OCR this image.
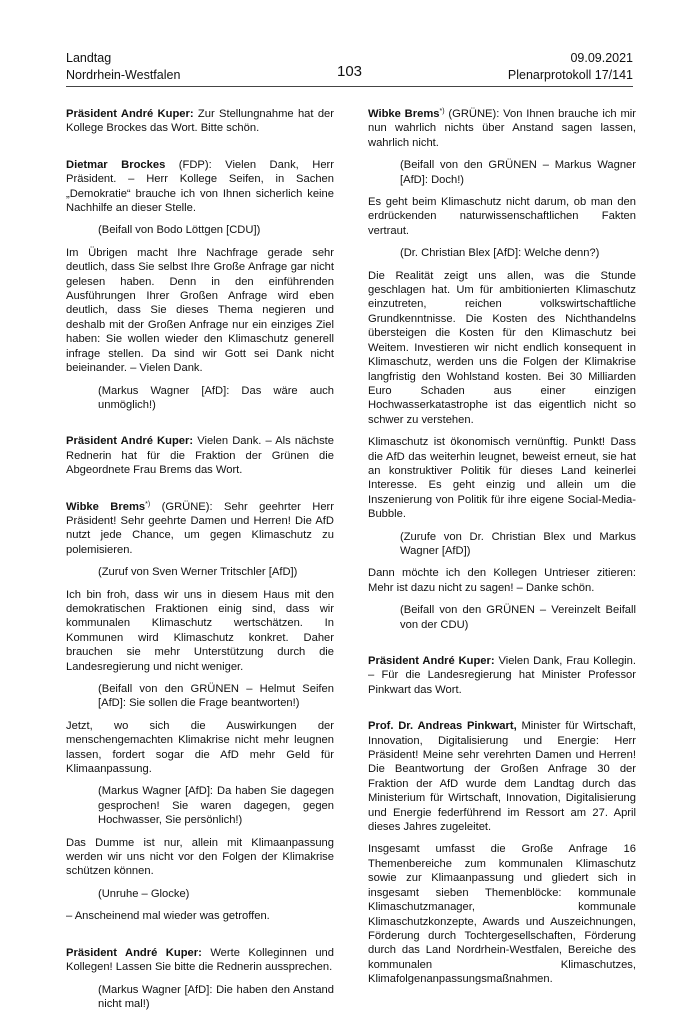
Landtag
Nordrhein-Westfalen	103
09.09.2021
Plenarprotokoll 17/141

Präsident André Kuper: Zur Stellungnahme hat der Kollege Brockes das Wort. Bitte schön.

Dietmar Brockes (FDP): Vielen Dank, Herr Präsident. – Herr Kollege Seifen, in Sachen „Demokratie“ brauche ich von Ihnen sicherlich keine Nachhilfe an dieser Stelle.

(Beifall von Bodo Löttgen [CDU])

Im Übrigen macht Ihre Nachfrage gerade sehr deutlich, dass Sie selbst Ihre Große Anfrage gar nicht gelesen haben. Denn in den einführenden Ausführungen Ihrer Großen Anfrage wird eben deutlich, dass Sie dieses Thema negieren und deshalb mit der Großen Anfrage nur ein einziges Ziel haben: Sie wollen wieder den Klimaschutz generell infrage stellen. Da sind wir Gott sei Dank nicht beieinander. – Vielen Dank.

(Markus Wagner [AfD]: Das wäre auch unmöglich!)

Präsident André Kuper: Vielen Dank. – Als nächste Rednerin hat für die Fraktion der Grünen die Abgeordnete Frau Brems das Wort.

Wibke Brems*) (GRÜNE): Sehr geehrter Herr Präsident! Sehr geehrte Damen und Herren! Die AfD nutzt jede Chance, um gegen Klimaschutz zu polemisieren.

(Zuruf von Sven Werner Tritschler [AfD])

Ich bin froh, dass wir uns in diesem Haus mit den demokratischen Fraktionen einig sind, dass wir kommunalen Klimaschutz wertschätzen. In Kommunen wird Klimaschutz konkret. Daher brauchen sie mehr Unterstützung durch die Landesregierung und nicht weniger.

(Beifall von den GRÜNEN – Helmut Seifen [AfD]: Sie sollen die Frage beantworten!)

Jetzt, wo sich die Auswirkungen der menschengemachten Klimakrise nicht mehr leugnen lassen, fordert sogar die AfD mehr Geld für Klimaanpassung.

(Markus Wagner [AfD]: Da haben Sie dagegen gesprochen! Sie waren dagegen, gegen Hochwasser, Sie persönlich!)

Das Dumme ist nur, allein mit Klimaanpassung werden wir uns nicht vor den Folgen der Klimakrise schützen können.

(Unruhe – Glocke)

– Anscheinend mal wieder was getroffen.

Präsident André Kuper: Werte Kolleginnen und Kollegen! Lassen Sie bitte die Rednerin aussprechen.

(Markus Wagner [AfD]: Die haben den Anstand nicht mal!)

Wibke Brems*) (GRÜNE): Von Ihnen brauche ich mir nun wahrlich nichts über Anstand sagen lassen, wahrlich nicht.

(Beifall von den GRÜNEN – Markus Wagner [AfD]: Doch!)

Es geht beim Klimaschutz nicht darum, ob man den erdrückenden naturwissenschaftlichen Fakten vertraut.

(Dr. Christian Blex [AfD]: Welche denn?)

Die Realität zeigt uns allen, was die Stunde geschlagen hat. Um für ambitionierten Klimaschutz einzutreten, reichen volkswirtschaftliche Grundkenntnisse. Die Kosten des Nichthandelns übersteigen die Kosten für den Klimaschutz bei Weitem. Investieren wir nicht endlich konsequent in Klimaschutz, werden uns die Folgen der Klimakrise langfristig den Wohlstand kosten. Bei 30 Milliarden Euro Schaden aus einer einzigen Hochwasserkatastrophe ist das eigentlich nicht so schwer zu verstehen.

Klimaschutz ist ökonomisch vernünftig. Punkt! Dass die AfD das weiterhin leugnet, beweist erneut, sie hat an konstruktiver Politik für dieses Land keinerlei Interesse. Es geht einzig und allein um die Inszenierung von Politik für ihre eigene Social-Media-Bubble.

(Zurufe von Dr. Christian Blex und Markus Wagner [AfD])

Dann möchte ich den Kollegen Untrieser zitieren: Mehr ist dazu nicht zu sagen! – Danke schön.

(Beifall von den GRÜNEN – Vereinzelt Beifall von der CDU)

Präsident André Kuper: Vielen Dank, Frau Kollegin. – Für die Landesregierung hat Minister Professor Pinkwart das Wort.

Prof. Dr. Andreas Pinkwart, Minister für Wirtschaft, Innovation, Digitalisierung und Energie: Herr Präsident! Meine sehr verehrten Damen und Herren! Die Beantwortung der Großen Anfrage 30 der Fraktion der AfD wurde dem Landtag durch das Ministerium für Wirtschaft, Innovation, Digitalisierung und Energie federführend im Ressort am 27. April dieses Jahres zugeleitet.

Insgesamt umfasst die Große Anfrage 16 Themenbereiche zum kommunalen Klimaschutz sowie zur Klimaanpassung und gliedert sich in insgesamt sieben Themenblöcke: kommunale Klimaschutzmanager, kommunale Klimaschutzkonzepte, Awards und Auszeichnungen, Förderung durch Tochtergesellschaften, Förderung durch das Land Nordrhein-Westfalen, Bereiche des kommunalen Klimaschutzes, Klimafolgenanpassungsmaßnahmen.
